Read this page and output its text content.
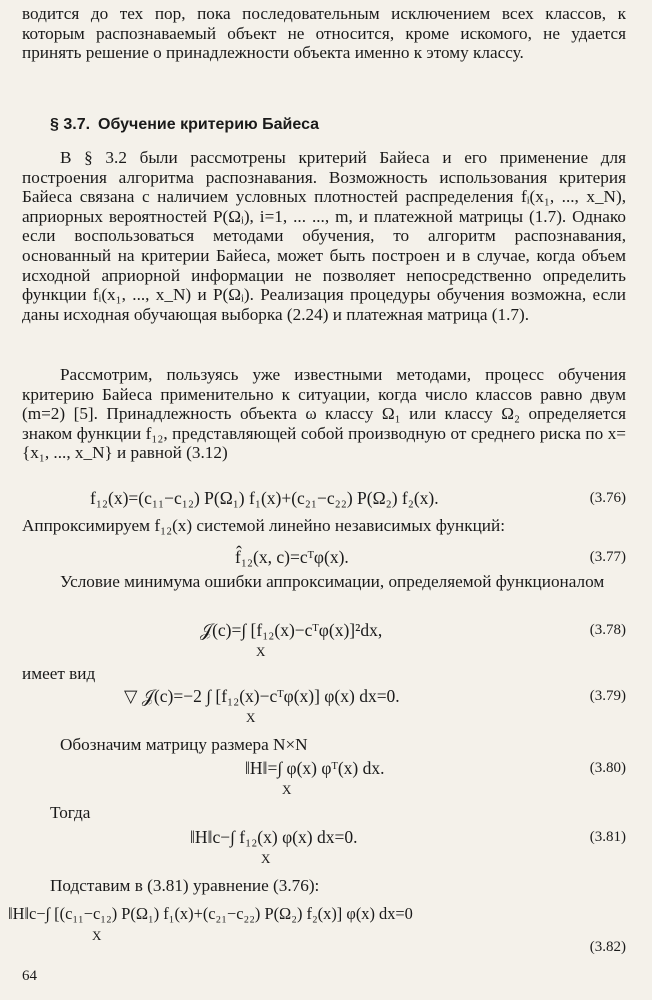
водится до тех пор, пока последовательным исключением всех классов, к которым распознаваемый объект не относится, кроме искомого, не удается принять решение о принадлежности объекта именно к этому классу.
§ 3.7. Обучение критерию Байеса
В § 3.2 были рассмотрены критерий Байеса и его применение для построения алгоритма распознавания. Возможность использования критерия Байеса связана с наличием условных плотностей распределения fᵢ(x₁, ..., x_N), априорных вероятностей P(Ωᵢ), i=1, ... ..., m, и платежной матрицы (1.7). Однако если воспользоваться методами обучения, то алгоритм распознавания, основанный на критерии Байеса, может быть построен и в случае, когда объем исходной априорной информации не позволяет непосредственно определить функции fᵢ(x₁, ..., x_N) и P(Ωᵢ). Реализация процедуры обучения возможна, если даны исходная обучающая выборка (2.24) и платежная матрица (1.7).
Рассмотрим, пользуясь уже известными методами, процесс обучения критерию Байеса применительно к ситуации, когда число классов равно двум (m=2) [5]. Принадлежность объекта ω классу Ω₁ или классу Ω₂ определяется знаком функции f₁₂, представляющей собой производную от среднего риска по x={x₁, ..., x_N} и равной (3.12)
f₁₂(x)=(c₁₁−c₁₂) P(Ω₁) f₁(x)+(c₂₁−c₂₂) P(Ω₂) f₂(x).	(3.76)
Аппроксимируем f₁₂(x) системой линейно независимых функций:
f̂₁₂(x, c)=cᵀφ(x).	(3.77)
Условие минимума ошибки аппроксимации, определяемой функционалом
𝒥(c)=∫ [f₁₂(x)−cᵀφ(x)]²dx,
X
(3.78)
имеет вид
▽ 𝒥(c)=−2 ∫ [f₁₂(x)−cᵀφ(x)] φ(x) dx=0.
X
(3.79)
Обозначим матрицу размера N×N
‖H‖=∫ φ(x) φᵀ(x) dx.
X
(3.80)
Тогда
‖H‖c−∫ f₁₂(x) φ(x) dx=0.
X
(3.81)
Подставим в (3.81) уравнение (3.76):
‖H‖c−∫ [(c₁₁−c₁₂) P(Ω₁) f₁(x)+(c₂₁−c₂₂) P(Ω₂) f₂(x)] φ(x) dx=0
X
(3.82)
64
